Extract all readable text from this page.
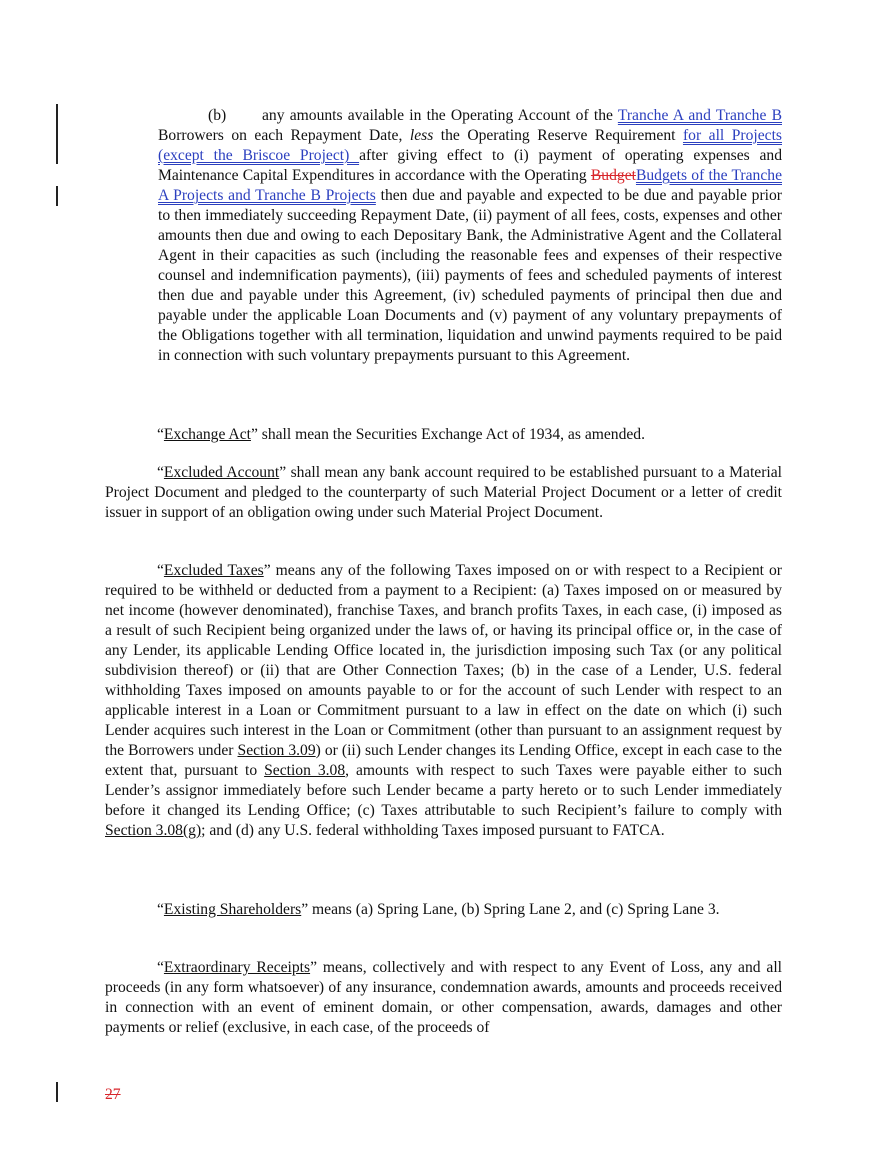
(b) any amounts available in the Operating Account of the Tranche A and Tranche B Borrowers on each Repayment Date, less the Operating Reserve Requirement for all Projects (except the Briscoe Project) after giving effect to (i) payment of operating expenses and Maintenance Capital Expenditures in accordance with the Operating BudgetBudgets of the Tranche A Projects and Tranche B Projects then due and payable and expected to be due and payable prior to then immediately succeeding Repayment Date, (ii) payment of all fees, costs, expenses and other amounts then due and owing to each Depositary Bank, the Administrative Agent and the Collateral Agent in their capacities as such (including the reasonable fees and expenses of their respective counsel and indemnification payments), (iii) payments of fees and scheduled payments of interest then due and payable under this Agreement, (iv) scheduled payments of principal then due and payable under the applicable Loan Documents and (v) payment of any voluntary prepayments of the Obligations together with all termination, liquidation and unwind payments required to be paid in connection with such voluntary prepayments pursuant to this Agreement.

“Exchange Act” shall mean the Securities Exchange Act of 1934, as amended.

“Excluded Account” shall mean any bank account required to be established pursuant to a Material Project Document and pledged to the counterparty of such Material Project Document or a letter of credit issuer in support of an obligation owing under such Material Project Document.

“Excluded Taxes” means any of the following Taxes imposed on or with respect to a Recipient or required to be withheld or deducted from a payment to a Recipient: (a) Taxes imposed on or measured by net income (however denominated), franchise Taxes, and branch profits Taxes, in each case, (i) imposed as a result of such Recipient being organized under the laws of, or having its principal office or, in the case of any Lender, its applicable Lending Office located in, the jurisdiction imposing such Tax (or any political subdivision thereof) or (ii) that are Other Connection Taxes; (b) in the case of a Lender, U.S. federal withholding Taxes imposed on amounts payable to or for the account of such Lender with respect to an applicable interest in a Loan or Commitment pursuant to a law in effect on the date on which (i) such Lender acquires such interest in the Loan or Commitment (other than pursuant to an assignment request by the Borrowers under Section 3.09) or (ii) such Lender changes its Lending Office, except in each case to the extent that, pursuant to Section 3.08, amounts with respect to such Taxes were payable either to such Lender’s assignor immediately before such Lender became a party hereto or to such Lender immediately before it changed its Lending Office; (c) Taxes attributable to such Recipient’s failure to comply with Section 3.08(g); and (d) any U.S. federal withholding Taxes imposed pursuant to FATCA.

“Existing Shareholders” means (a) Spring Lane, (b) Spring Lane 2, and (c) Spring Lane 3.

“Extraordinary Receipts” means, collectively and with respect to any Event of Loss, any and all proceeds (in any form whatsoever) of any insurance, condemnation awards, amounts and proceeds received in connection with an event of eminent domain, or other compensation, awards, damages and other payments or relief (exclusive, in each case, of the proceeds of

27
